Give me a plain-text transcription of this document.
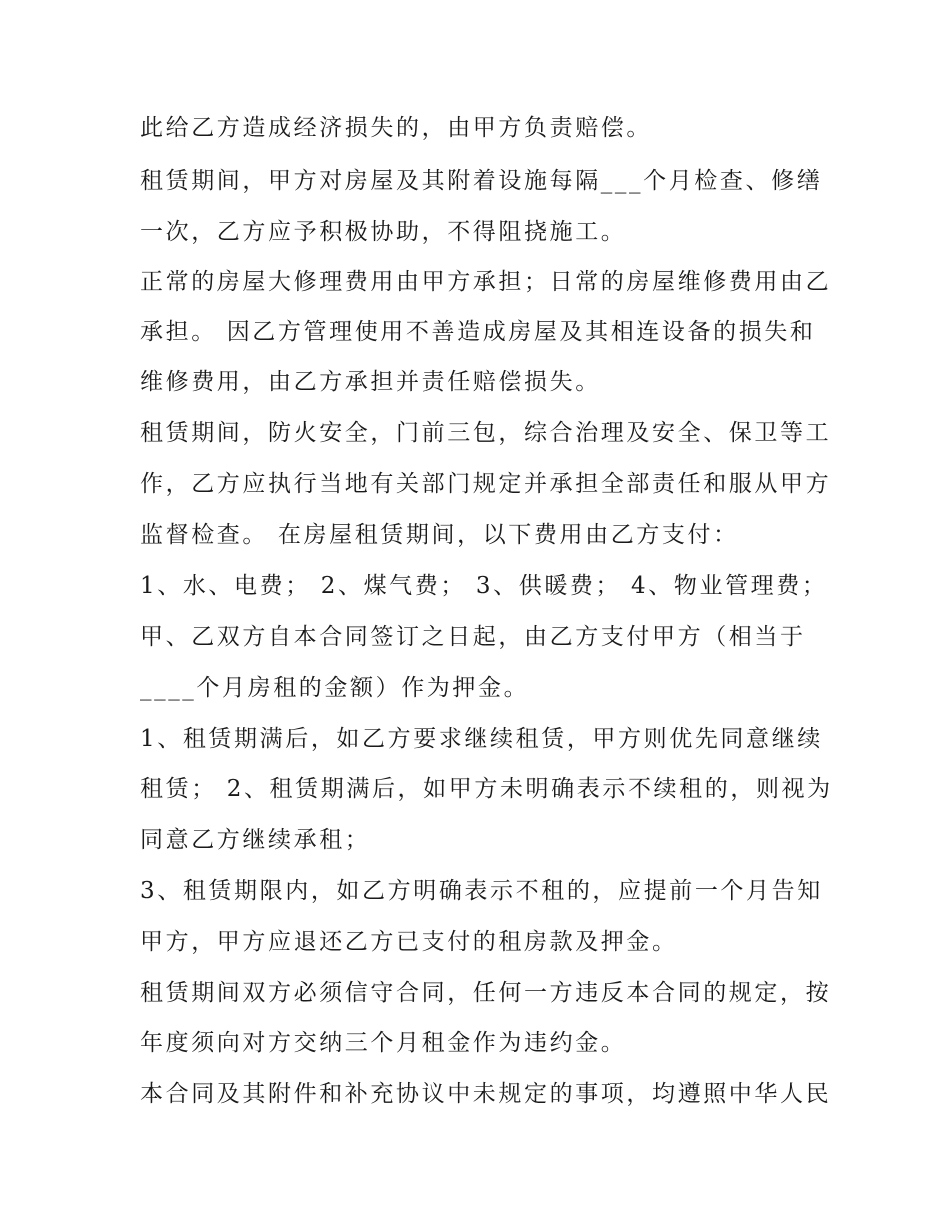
此给乙方造成经济损失的，由甲方负责赔偿。
租赁期间，甲方对房屋及其附着设施每隔___个月检查、修缮
一次，乙方应予积极协助，不得阻挠施工。
正常的房屋大修理费用由甲方承担；日常的房屋维修费用由乙
承担。 因乙方管理使用不善造成房屋及其相连设备的损失和
维修费用，由乙方承担并责任赔偿损失。
租赁期间，防火安全，门前三包，综合治理及安全、保卫等工
作，乙方应执行当地有关部门规定并承担全部责任和服从甲方
监督检查。 在房屋租赁期间，以下费用由乙方支付：
1、水、电费； 2、煤气费； 3、供暖费； 4、物业管理费；
甲、乙双方自本合同签订之日起，由乙方支付甲方（相当于
____个月房租的金额）作为押金。
1、租赁期满后，如乙方要求继续租赁，甲方则优先同意继续
租赁； 2、租赁期满后，如甲方未明确表示不续租的，则视为
同意乙方继续承租；
3、租赁期限内，如乙方明确表示不租的，应提前一个月告知
甲方，甲方应退还乙方已支付的租房款及押金。
租赁期间双方必须信守合同，任何一方违反本合同的规定，按
年度须向对方交纳三个月租金作为违约金。
本合同及其附件和补充协议中未规定的事项，均遵照中华人民
